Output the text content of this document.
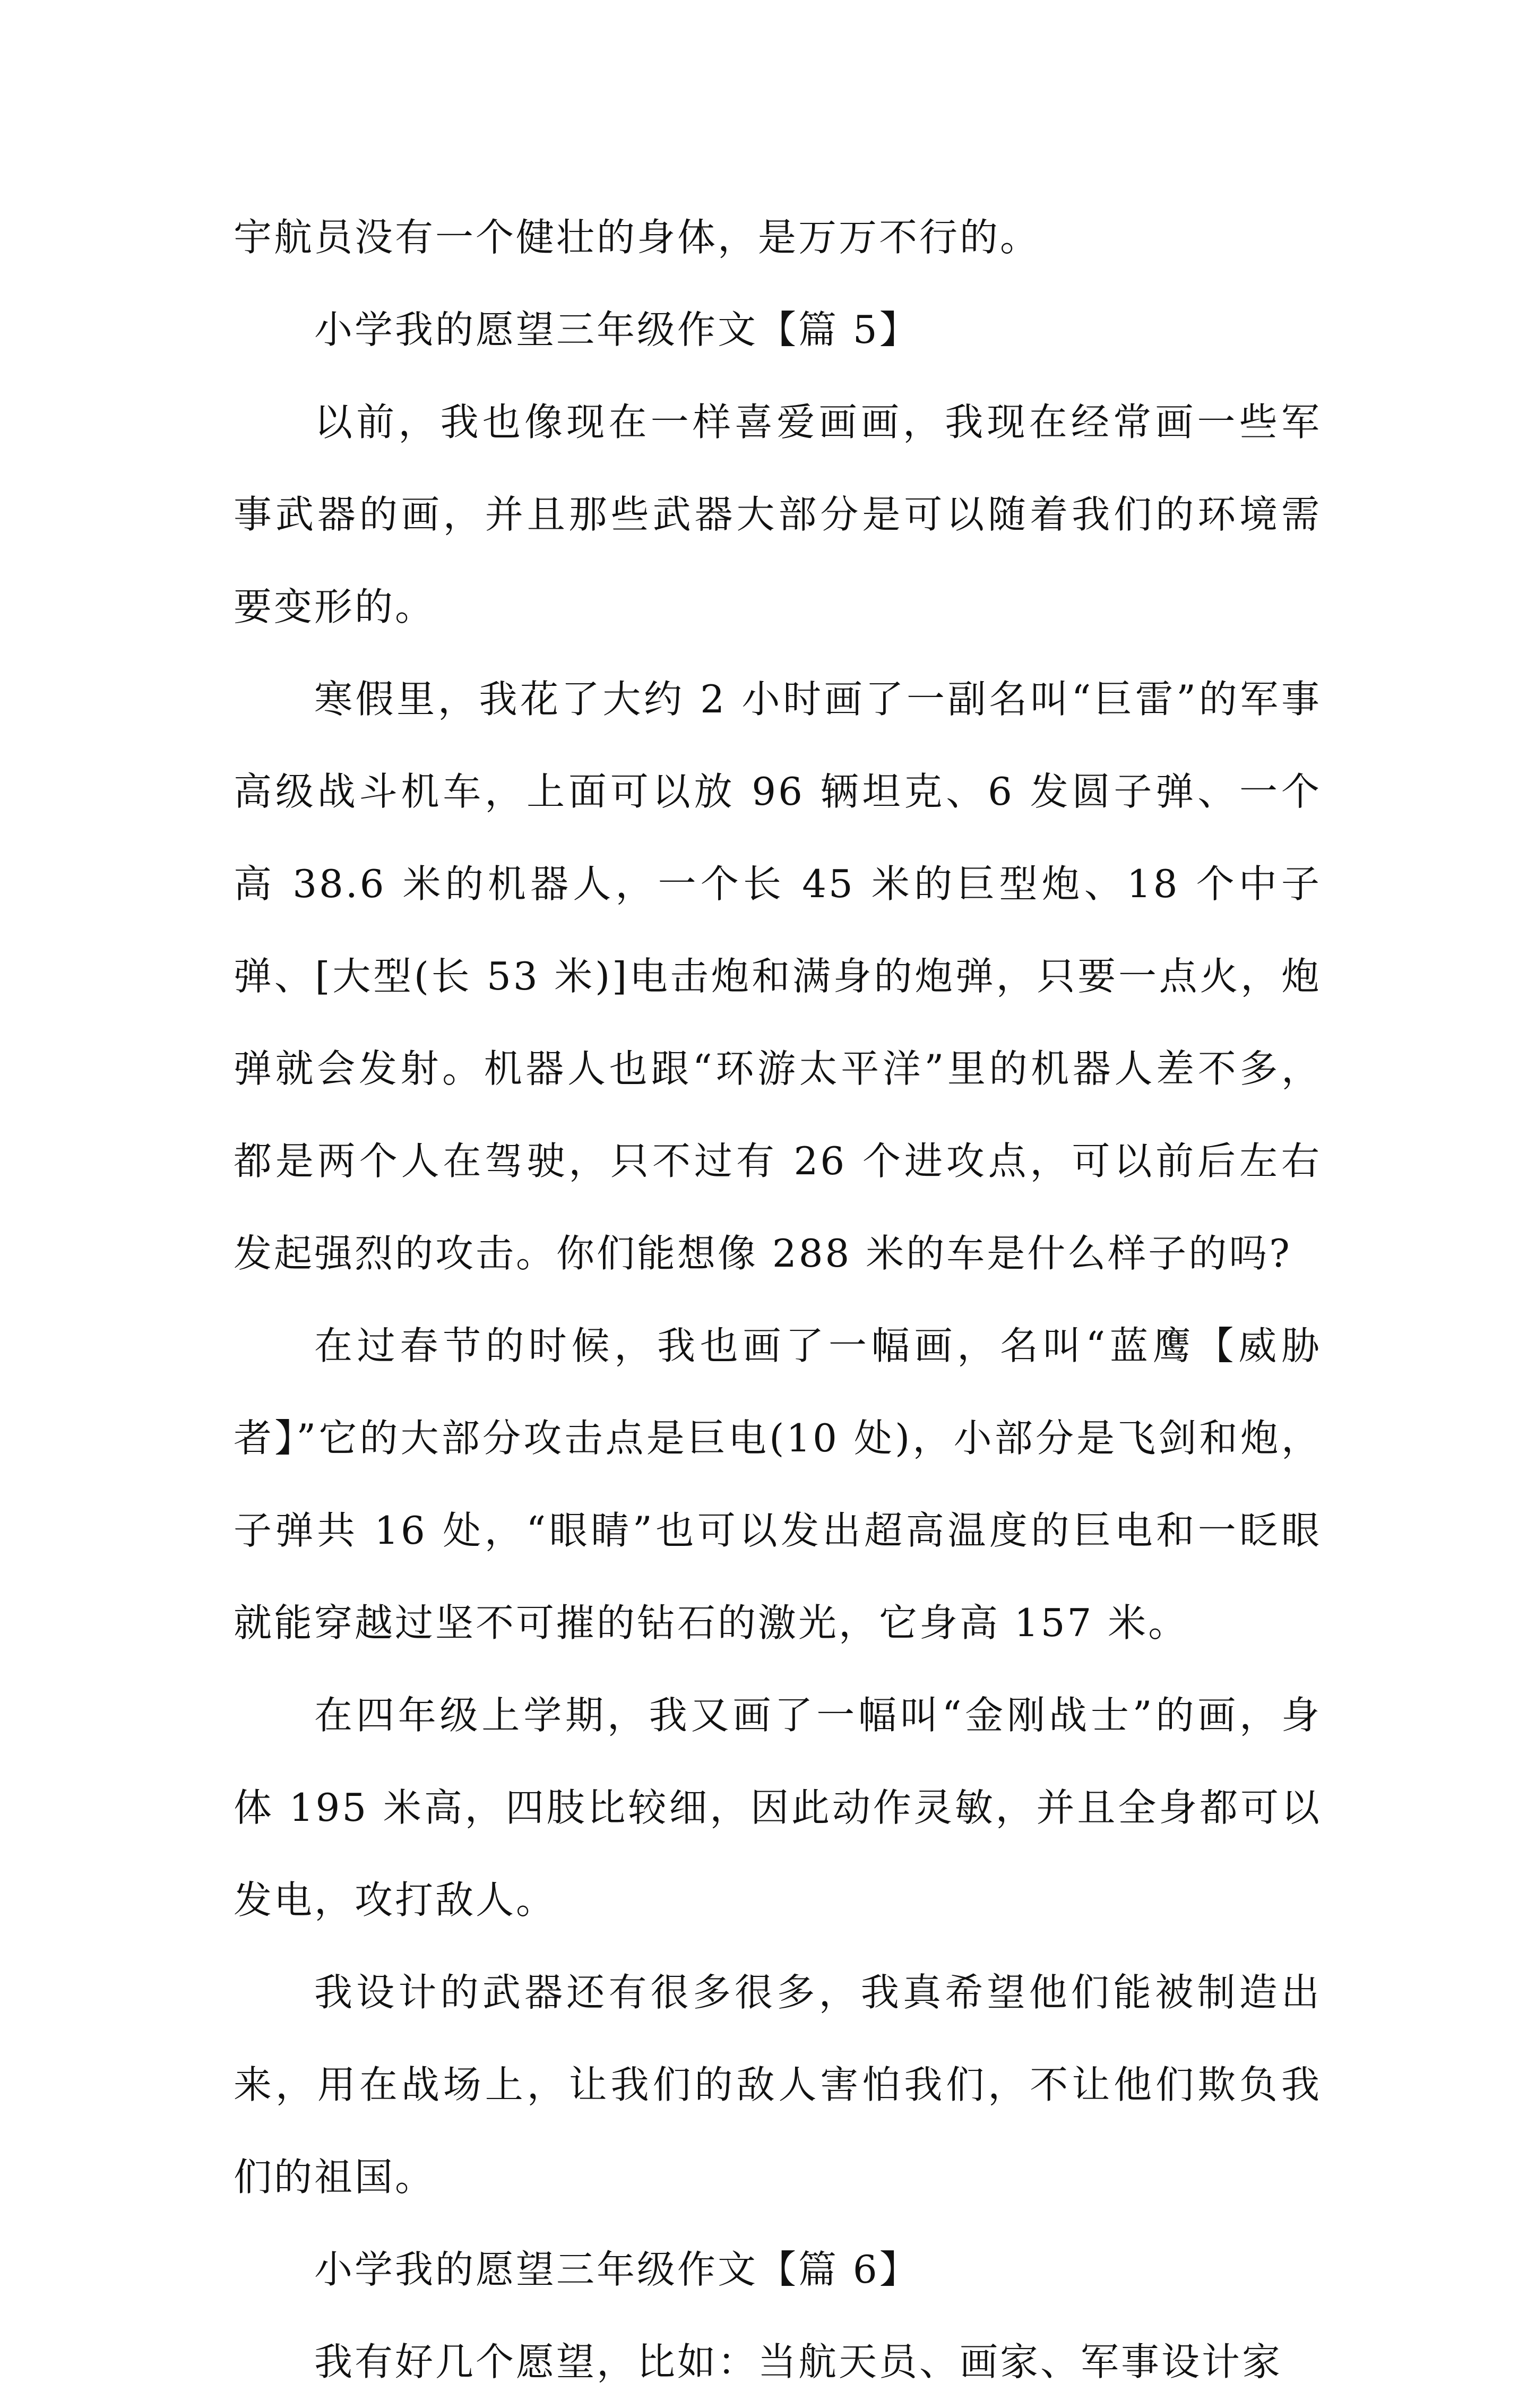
宇航员没有一个健壮的身体，是万万不行的。

小学我的愿望三年级作文【篇 5】

以前，我也像现在一样喜爱画画，我现在经常画一些军事武器的画，并且那些武器大部分是可以随着我们的环境需要变形的。

寒假里，我花了大约 2 小时画了一副名叫“巨雷”的军事高级战斗机车，上面可以放 96 辆坦克、6 发圆子弹、一个高 38.6 米的机器人，一个长 45 米的巨型炮、18 个中子弹、[大型(长 53 米)]电击炮和满身的炮弹，只要一点火，炮弹就会发射。机器人也跟“环游太平洋”里的机器人差不多，都是两个人在驾驶，只不过有 26 个进攻点，可以前后左右发起强烈的攻击。你们能想像 288 米的车是什么样子的吗?

在过春节的时候，我也画了一幅画，名叫“蓝鹰【威胁者】”它的大部分攻击点是巨电(10 处)，小部分是飞剑和炮，子弹共 16 处，“眼睛”也可以发出超高温度的巨电和一眨眼就能穿越过坚不可摧的钻石的激光，它身高 157 米。

在四年级上学期，我又画了一幅叫“金刚战士”的画，身体 195 米高，四肢比较细，因此动作灵敏，并且全身都可以发电，攻打敌人。

我设计的武器还有很多很多，我真希望他们能被制造出来，用在战场上，让我们的敌人害怕我们，不让他们欺负我们的祖国。

小学我的愿望三年级作文【篇 6】

我有好几个愿望，比如：当航天员、画家、军事设计家
